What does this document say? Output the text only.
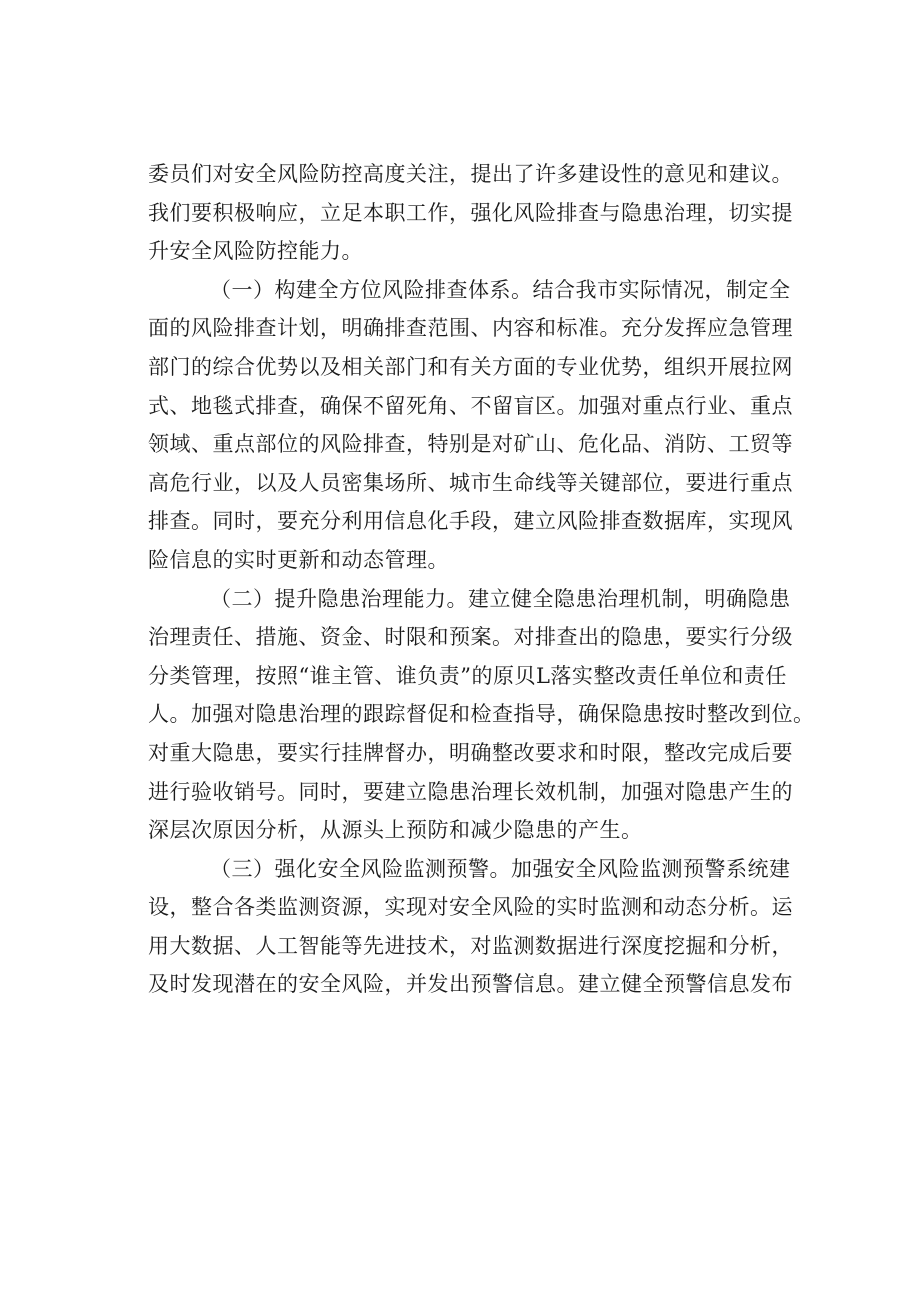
委员们对安全风险防控高度关注，提出了许多建设性的意见和建议。
我们要积极响应，立足本职工作，强化风险排查与隐患治理，切实提
升安全风险防控能力。
（一）构建全方位风险排查体系。结合我市实际情况，制定全
面的风险排查计划，明确排查范围、内容和标准。充分发挥应急管理
部门的综合优势以及相关部门和有关方面的专业优势，组织开展拉网
式、地毯式排查，确保不留死角、不留盲区。加强对重点行业、重点
领域、重点部位的风险排查，特别是对矿山、危化品、消防、工贸等
高危行业，以及人员密集场所、城市生命线等关键部位，要进行重点
排查。同时，要充分利用信息化手段，建立风险排查数据库，实现风
险信息的实时更新和动态管理。
（二）提升隐患治理能力。建立健全隐患治理机制，明确隐患
治理责任、措施、资金、时限和预案。对排查出的隐患，要实行分级
分类管理，按照“谁主管、谁负责”的原贝L落实整改责任单位和责任
人。加强对隐患治理的跟踪督促和检查指导，确保隐患按时整改到位。
对重大隐患，要实行挂牌督办，明确整改要求和时限，整改完成后要
进行验收销号。同时，要建立隐患治理长效机制，加强对隐患产生的
深层次原因分析，从源头上预防和减少隐患的产生。
（三）强化安全风险监测预警。加强安全风险监测预警系统建
设，整合各类监测资源，实现对安全风险的实时监测和动态分析。运
用大数据、人工智能等先进技术，对监测数据进行深度挖掘和分析，
及时发现潜在的安全风险，并发出预警信息。建立健全预警信息发布
